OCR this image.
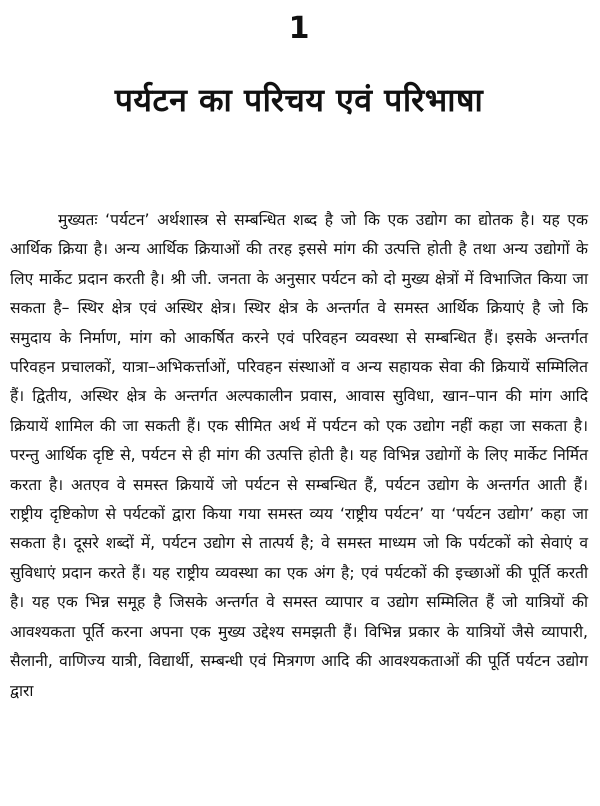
1
पर्यटन का परिचय एवं परिभाषा

मुख्यतः ‘पर्यटन’ अर्थशास्त्र से सम्बन्धित शब्द है जो कि एक उद्योग का द्योतक है। यह एक आर्थिक क्रिया है। अन्य आर्थिक क्रियाओं की तरह इससे मांग की उत्पत्ति होती है तथा अन्य उद्योगों के लिए मार्केट प्रदान करती है। श्री जी. जनता के अनुसार पर्यटन को दो मुख्य क्षेत्रों में विभाजित किया जा सकता है– स्थिर क्षेत्र एवं अस्थिर क्षेत्र। स्थिर क्षेत्र के अन्तर्गत वे समस्त आर्थिक क्रियाएं है जो कि समुदाय के निर्माण, मांग को आकर्षित करने एवं परिवहन व्यवस्था से सम्बन्धित हैं। इसके अन्तर्गत परिवहन प्रचालकों, यात्रा–अभिकर्त्ताओं, परिवहन संस्थाओं व अन्य सहायक सेवा की क्रियायें सम्मिलित हैं। द्वितीय, अस्थिर क्षेत्र के अन्तर्गत अल्पकालीन प्रवास, आवास सुविधा, खान–पान की मांग आदि क्रियायें शामिल की जा सकती हैं। एक सीमित अर्थ में पर्यटन को एक उद्योग नहीं कहा जा सकता है। परन्तु आर्थिक दृष्टि से, पर्यटन से ही मांग की उत्पत्ति होती है। यह विभिन्न उद्योगों के लिए मार्केट निर्मित करता है। अतएव वे समस्त क्रियायें जो पर्यटन से सम्बन्धित हैं, पर्यटन उद्योग के अन्तर्गत आती हैं। राष्ट्रीय दृष्टिकोण से पर्यटकों द्वारा किया गया समस्त व्यय ‘राष्ट्रीय पर्यटन’ या ‘पर्यटन उद्योग’ कहा जा सकता है। दूसरे शब्दों में, पर्यटन उद्योग से तात्पर्य है; वे समस्त माध्यम जो कि पर्यटकों को सेवाएं व सुविधाएं प्रदान करते हैं। यह राष्ट्रीय व्यवस्था का एक अंग है; एवं पर्यटकों की इच्छाओं की पूर्ति करती है। यह एक भिन्न समूह है जिसके अन्तर्गत वे समस्त व्यापार व उद्योग सम्मिलित हैं जो यात्रियों की आवश्यकता पूर्ति करना अपना एक मुख्य उद्देश्य समझती हैं। विभिन्न प्रकार के यात्रियों जैसे व्यापारी, सैलानी, वाणिज्य यात्री, विद्यार्थी, सम्बन्धी एवं मित्रगण आदि की आवश्यकताओं की पूर्ति पर्यटन उद्योग द्वारा
